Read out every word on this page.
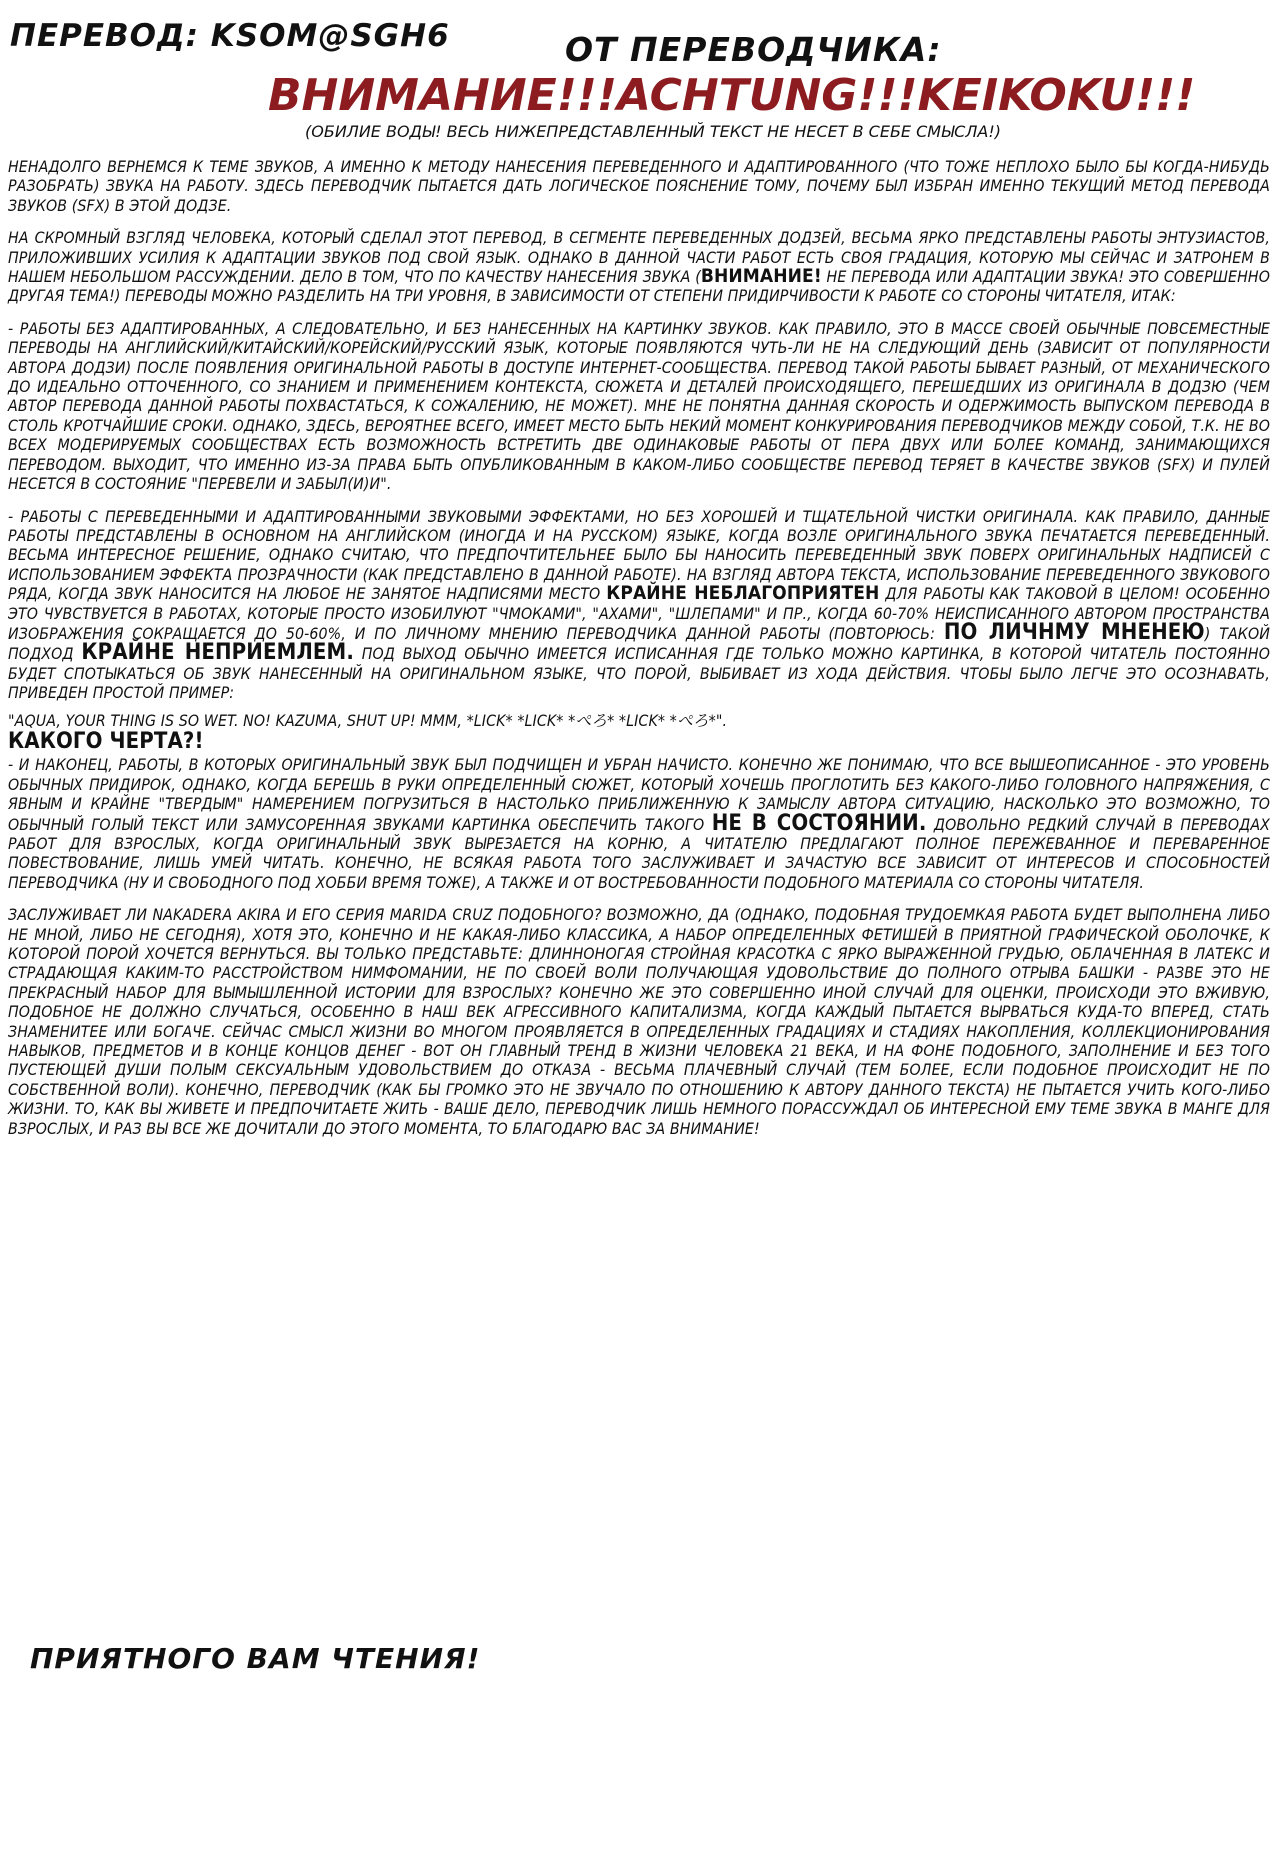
ПЕРЕВОД: KSOM@SGH6	ОТ ПЕРЕВОДЧИКА:
ВНИМАНИЕ!!!ACHTUNG!!!KEIKOKU!!!
(ОБИЛИЕ ВОДЫ! ВЕСЬ НИЖЕПРЕДСТАВЛЕННЫЙ ТЕКСТ НЕ НЕСЕТ В СЕБЕ СМЫСЛА!)

НЕНАДОЛГО ВЕРНЕМСЯ К ТЕМЕ ЗВУКОВ, А ИМЕННО К МЕТОДУ НАНЕСЕНИЯ ПЕРЕВЕДЕННОГО И АДАПТИРОВАННОГО (ЧТО ТОЖЕ НЕПЛОХО БЫЛО БЫ КОГДА-НИБУДЬ РАЗОБРАТЬ) ЗВУКА НА РАБОТУ. ЗДЕСЬ ПЕРЕВОДЧИК ПЫТАЕТСЯ ДАТЬ ЛОГИЧЕСКОЕ ПОЯСНЕНИЕ ТОМУ, ПОЧЕМУ БЫЛ ИЗБРАН ИМЕННО ТЕКУЩИЙ МЕТОД ПЕРЕВОДА ЗВУКОВ (SFX) В ЭТОЙ ДОДЗЕ.

НА СКРОМНЫЙ ВЗГЛЯД ЧЕЛОВЕКА, КОТОРЫЙ СДЕЛАЛ ЭТОТ ПЕРЕВОД, В СЕГМЕНТЕ ПЕРЕВЕДЕННЫХ ДОДЗЕЙ, ВЕСЬМА ЯРКО ПРЕДСТАВЛЕНЫ РАБОТЫ ЭНТУЗИАСТОВ, ПРИЛОЖИВШИХ УСИЛИЯ К АДАПТАЦИИ ЗВУКОВ ПОД СВОЙ ЯЗЫК. ОДНАКО В ДАННОЙ ЧАСТИ РАБОТ ЕСТЬ СВОЯ ГРАДАЦИЯ, КОТОРУЮ МЫ СЕЙЧАС И ЗАТРОНЕМ В НАШЕМ НЕБОЛЬШОМ РАССУЖДЕНИИ. ДЕЛО В ТОМ, ЧТО ПО КАЧЕСТВУ НАНЕСЕНИЯ ЗВУКА (ВНИМАНИЕ! НЕ ПЕРЕВОДА ИЛИ АДАПТАЦИИ ЗВУКА! ЭТО СОВЕРШЕННО ДРУГАЯ ТЕМА!) ПЕРЕВОДЫ МОЖНО РАЗДЕЛИТЬ НА ТРИ УРОВНЯ, В ЗАВИСИМОСТИ ОТ СТЕПЕНИ ПРИДИРЧИВОСТИ К РАБОТЕ СО СТОРОНЫ ЧИТАТЕЛЯ, ИТАК:

- РАБОТЫ БЕЗ АДАПТИРОВАННЫХ, А СЛЕДОВАТЕЛЬНО, И БЕЗ НАНЕСЕННЫХ НА КАРТИНКУ ЗВУКОВ. КАК ПРАВИЛО, ЭТО В МАССЕ СВОЕЙ ОБЫЧНЫЕ ПОВСЕМЕСТНЫЕ ПЕРЕВОДЫ НА АНГЛИЙСКИЙ/КИТАЙСКИЙ/КОРЕЙСКИЙ/РУССКИЙ ЯЗЫК, КОТОРЫЕ ПОЯВЛЯЮТСЯ ЧУТЬ-ЛИ НЕ НА СЛЕДУЮЩИЙ ДЕНЬ (ЗАВИСИТ ОТ ПОПУЛЯРНОСТИ АВТОРА ДОДЗИ) ПОСЛЕ ПОЯВЛЕНИЯ ОРИГИНАЛЬНОЙ РАБОТЫ В ДОСТУПЕ ИНТЕРНЕТ-СООБЩЕСТВА. ПЕРЕВОД ТАКОЙ РАБОТЫ БЫВАЕТ РАЗНЫЙ, ОТ МЕХАНИЧЕСКОГО ДО ИДЕАЛЬНО ОТТОЧЕННОГО, СО ЗНАНИЕМ И ПРИМЕНЕНИЕМ КОНТЕКСТА, СЮЖЕТА И ДЕТАЛЕЙ ПРОИСХОДЯЩЕГО, ПЕРЕШЕДШИХ ИЗ ОРИГИНАЛА В ДОДЗЮ (ЧЕМ АВТОР ПЕРЕВОДА ДАННОЙ РАБОТЫ ПОХВАСТАТЬСЯ, К СОЖАЛЕНИЮ, НЕ МОЖЕТ). МНЕ НЕ ПОНЯТНА ДАННАЯ СКОРОСТЬ И ОДЕРЖИМОСТЬ ВЫПУСКОМ ПЕРЕВОДА В СТОЛЬ КРОТЧАЙШИЕ СРОКИ. ОДНАКО, ЗДЕСЬ, ВЕРОЯТНЕЕ ВСЕГО, ИМЕЕТ МЕСТО БЫТЬ НЕКИЙ МОМЕНТ КОНКУРИРОВАНИЯ ПЕРЕВОДЧИКОВ МЕЖДУ СОБОЙ, Т.К. НЕ ВО ВСЕХ МОДЕРИРУЕМЫХ СООБЩЕСТВАХ ЕСТЬ ВОЗМОЖНОСТЬ ВСТРЕТИТЬ ДВЕ ОДИНАКОВЫЕ РАБОТЫ ОТ ПЕРА ДВУХ ИЛИ БОЛЕЕ КОМАНД, ЗАНИМАЮЩИХСЯ ПЕРЕВОДОМ. ВЫХОДИТ, ЧТО ИМЕННО ИЗ-ЗА ПРАВА БЫТЬ ОПУБЛИКОВАННЫМ В КАКОМ-ЛИБО СООБЩЕСТВЕ ПЕРЕВОД ТЕРЯЕТ В КАЧЕСТВЕ ЗВУКОВ (SFX) И ПУЛЕЙ НЕСЕТСЯ В СОСТОЯНИЕ "ПЕРЕВЕЛИ И ЗАБЫЛ(И)И".

- РАБОТЫ С ПЕРЕВЕДЕННЫМИ И АДАПТИРОВАННЫМИ ЗВУКОВЫМИ ЭФФЕКТАМИ, НО БЕЗ ХОРОШЕЙ И ТЩАТЕЛЬНОЙ ЧИСТКИ ОРИГИНАЛА. КАК ПРАВИЛО, ДАННЫЕ РАБОТЫ ПРЕДСТАВЛЕНЫ В ОСНОВНОМ НА АНГЛИЙСКОМ (ИНОГДА И НА РУССКОМ) ЯЗЫКЕ, КОГДА ВОЗЛЕ ОРИГИНАЛЬНОГО ЗВУКА ПЕЧАТАЕТСЯ ПЕРЕВЕДЕННЫЙ. ВЕСЬМА ИНТЕРЕСНОЕ РЕШЕНИЕ, ОДНАКО СЧИТАЮ, ЧТО ПРЕДПОЧТИТЕЛЬНЕЕ БЫЛО БЫ НАНОСИТЬ ПЕРЕВЕДЕННЫЙ ЗВУК ПОВЕРХ ОРИГИНАЛЬНЫХ НАДПИСЕЙ С ИСПОЛЬЗОВАНИЕМ ЭФФЕКТА ПРОЗРАЧНОСТИ (КАК ПРЕДСТАВЛЕНО В ДАННОЙ РАБОТЕ). НА ВЗГЛЯД АВТОРА ТЕКСТА, ИСПОЛЬЗОВАНИЕ ПЕРЕВЕДЕННОГО ЗВУКОВОГО РЯДА, КОГДА ЗВУК НАНОСИТСЯ НА ЛЮБОЕ НЕ ЗАНЯТОЕ НАДПИСЯМИ МЕСТО КРАЙНЕ НЕБЛАГОПРИЯТЕН ДЛЯ РАБОТЫ КАК ТАКОВОЙ В ЦЕЛОМ! ОСОБЕННО ЭТО ЧУВСТВУЕТСЯ В РАБОТАХ, КОТОРЫЕ ПРОСТО ИЗОБИЛУЮТ "ЧМОКАМИ", "АХАМИ", "ШЛЕПАМИ" И ПР., КОГДА 60-70% НЕИСПИСАННОГО АВТОРОМ ПРОСТРАНСТВА ИЗОБРАЖЕНИЯ СОКРАЩАЕТСЯ ДО 50-60%, И ПО ЛИЧНОМУ МНЕНИЮ ПЕРЕВОДЧИКА ДАННОЙ РАБОТЫ (ПОВТОРЮСЬ: ПО ЛИЧНМУ МНЕНЕЮ) ТАКОЙ ПОДХОД КРАЙНЕ НЕПРИЕМЛЕМ. ПОД ВЫХОД ОБЫЧНО ИМЕЕТСЯ ИСПИСАННАЯ ГДЕ ТОЛЬКО МОЖНО КАРТИНКА, В КОТОРОЙ ЧИТАТЕЛЬ ПОСТОЯННО БУДЕТ СПОТЫКАТЬСЯ ОБ ЗВУК НАНЕСЕННЫЙ НА ОРИГИНАЛЬНОМ ЯЗЫКЕ, ЧТО ПОРОЙ, ВЫБИВАЕТ ИЗ ХОДА ДЕЙСТВИЯ. ЧТОБЫ БЫЛО ЛЕГЧЕ ЭТО ОСОЗНАВАТЬ, ПРИВЕДЕН ПРОСТОЙ ПРИМЕР:

"AQUA, YOUR THING IS SO WET. NO! KAZUMA, SHUT UP! MMM, *LICK* *LICK* *ぺろ* *LICK* *ぺろ*".
КАКОГО ЧЕРТА?!

- И НАКОНЕЦ, РАБОТЫ, В КОТОРЫХ ОРИГИНАЛЬНЫЙ ЗВУК БЫЛ ПОДЧИЩЕН И УБРАН НАЧИСТО. КОНЕЧНО ЖЕ ПОНИМАЮ, ЧТО ВСЕ ВЫШЕОПИСАННОЕ - ЭТО УРОВЕНЬ ОБЫЧНЫХ ПРИДИРОК, ОДНАКО, КОГДА БЕРЕШЬ В РУКИ ОПРЕДЕЛЕННЫЙ СЮЖЕТ, КОТОРЫЙ ХОЧЕШЬ ПРОГЛОТИТЬ БЕЗ КАКОГО-ЛИБО ГОЛОВНОГО НАПРЯЖЕНИЯ, С ЯВНЫМ И КРАЙНЕ "ТВЕРДЫМ" НАМЕРЕНИЕМ ПОГРУЗИТЬСЯ В НАСТОЛЬКО ПРИБЛИЖЕННУЮ К ЗАМЫСЛУ АВТОРА СИТУАЦИЮ, НАСКОЛЬКО ЭТО ВОЗМОЖНО, ТО ОБЫЧНЫЙ ГОЛЫЙ ТЕКСТ ИЛИ ЗАМУСОРЕННАЯ ЗВУКАМИ КАРТИНКА ОБЕСПЕЧИТЬ ТАКОГО НЕ В СОСТОЯНИИ. ДОВОЛЬНО РЕДКИЙ СЛУЧАЙ В ПЕРЕВОДАХ РАБОТ ДЛЯ ВЗРОСЛЫХ, КОГДА ОРИГИНАЛЬНЫЙ ЗВУК ВЫРЕЗАЕТСЯ НА КОРНЮ, А ЧИТАТЕЛЮ ПРЕДЛАГАЮТ ПОЛНОЕ ПЕРЕЖЕВАННОЕ И ПЕРЕВАРЕННОЕ ПОВЕСТВОВАНИЕ, ЛИШЬ УМЕЙ ЧИТАТЬ. КОНЕЧНО, НЕ ВСЯКАЯ РАБОТА ТОГО ЗАСЛУЖИВАЕТ И ЗАЧАСТУЮ ВСЕ ЗАВИСИТ ОТ ИНТЕРЕСОВ И СПОСОБНОСТЕЙ ПЕРЕВОДЧИКА (НУ И СВОБОДНОГО ПОД ХОББИ ВРЕМЯ ТОЖЕ), А ТАКЖЕ И ОТ ВОСТРЕБОВАННОСТИ ПОДОБНОГО МАТЕРИАЛА СО СТОРОНЫ ЧИТАТЕЛЯ.

ЗАСЛУЖИВАЕТ ЛИ NAKADERA AKIRA И ЕГО СЕРИЯ MARIDA CRUZ ПОДОБНОГО? ВОЗМОЖНО, ДА (ОДНАКО, ПОДОБНАЯ ТРУДОЕМКАЯ РАБОТА БУДЕТ ВЫПОЛНЕНА ЛИБО НЕ МНОЙ, ЛИБО НЕ СЕГОДНЯ), ХОТЯ ЭТО, КОНЕЧНО И НЕ КАКАЯ-ЛИБО КЛАССИКА, А НАБОР ОПРЕДЕЛЕННЫХ ФЕТИШЕЙ В ПРИЯТНОЙ ГРАФИЧЕСКОЙ ОБОЛОЧКЕ, К КОТОРОЙ ПОРОЙ ХОЧЕТСЯ ВЕРНУТЬСЯ. ВЫ ТОЛЬКО ПРЕДСТАВЬТЕ: ДЛИННОНОГАЯ СТРОЙНАЯ КРАСОТКА С ЯРКО ВЫРАЖЕННОЙ ГРУДЬЮ, ОБЛАЧЕННАЯ В ЛАТЕКС И СТРАДАЮЩАЯ КАКИМ-ТО РАССТРОЙСТВОМ НИМФОМАНИИ, НЕ ПО СВОЕЙ ВОЛИ ПОЛУЧАЮЩАЯ УДОВОЛЬСТВИЕ ДО ПОЛНОГО ОТРЫВА БАШКИ - РАЗВЕ ЭТО НЕ ПРЕКРАСНЫЙ НАБОР ДЛЯ ВЫМЫШЛЕННОЙ ИСТОРИИ ДЛЯ ВЗРОСЛЫХ? КОНЕЧНО ЖЕ ЭТО СОВЕРШЕННО ИНОЙ СЛУЧАЙ ДЛЯ ОЦЕНКИ, ПРОИСХОДИ ЭТО ВЖИВУЮ, ПОДОБНОЕ НЕ ДОЛЖНО СЛУЧАТЬСЯ, ОСОБЕННО В НАШ ВЕК АГРЕССИВНОГО КАПИТАЛИЗМА, КОГДА КАЖДЫЙ ПЫТАЕТСЯ ВЫРВАТЬСЯ КУДА-ТО ВПЕРЕД, СТАТЬ ЗНАМЕНИТЕЕ ИЛИ БОГАЧЕ. СЕЙЧАС СМЫСЛ ЖИЗНИ ВО МНОГОМ ПРОЯВЛЯЕТСЯ В ОПРЕДЕЛЕННЫХ ГРАДАЦИЯХ И СТАДИЯХ НАКОПЛЕНИЯ, КОЛЛЕКЦИОНИРОВАНИЯ НАВЫКОВ, ПРЕДМЕТОВ И В КОНЦЕ КОНЦОВ ДЕНЕГ - ВОТ ОН ГЛАВНЫЙ ТРЕНД В ЖИЗНИ ЧЕЛОВЕКА 21 ВЕКА, И НА ФОНЕ ПОДОБНОГО, ЗАПОЛНЕНИЕ И БЕЗ ТОГО ПУСТЕЮЩЕЙ ДУШИ ПОЛЫМ СЕКСУАЛЬНЫМ УДОВОЛЬСТВИЕМ ДО ОТКАЗА - ВЕСЬМА ПЛАЧЕВНЫЙ СЛУЧАЙ (ТЕМ БОЛЕЕ, ЕСЛИ ПОДОБНОЕ ПРОИСХОДИТ НЕ ПО СОБСТВЕННОЙ ВОЛИ). КОНЕЧНО, ПЕРЕВОДЧИК (КАК БЫ ГРОМКО ЭТО НЕ ЗВУЧАЛО ПО ОТНОШЕНИЮ К АВТОРУ ДАННОГО ТЕКСТА) НЕ ПЫТАЕТСЯ УЧИТЬ КОГО-ЛИБО ЖИЗНИ. ТО, КАК ВЫ ЖИВЕТЕ И ПРЕДПОЧИТАЕТЕ ЖИТЬ - ВАШЕ ДЕЛО, ПЕРЕВОДЧИК ЛИШЬ НЕМНОГО ПОРАССУЖДАЛ ОБ ИНТЕРЕСНОЙ ЕМУ ТЕМЕ ЗВУКА В МАНГЕ ДЛЯ ВЗРОСЛЫХ, И РАЗ ВЫ ВСЕ ЖЕ ДОЧИТАЛИ ДО ЭТОГО МОМЕНТА, ТО БЛАГОДАРЮ ВАС ЗА ВНИМАНИЕ!

ПРИЯТНОГО ВАМ ЧТЕНИЯ!
